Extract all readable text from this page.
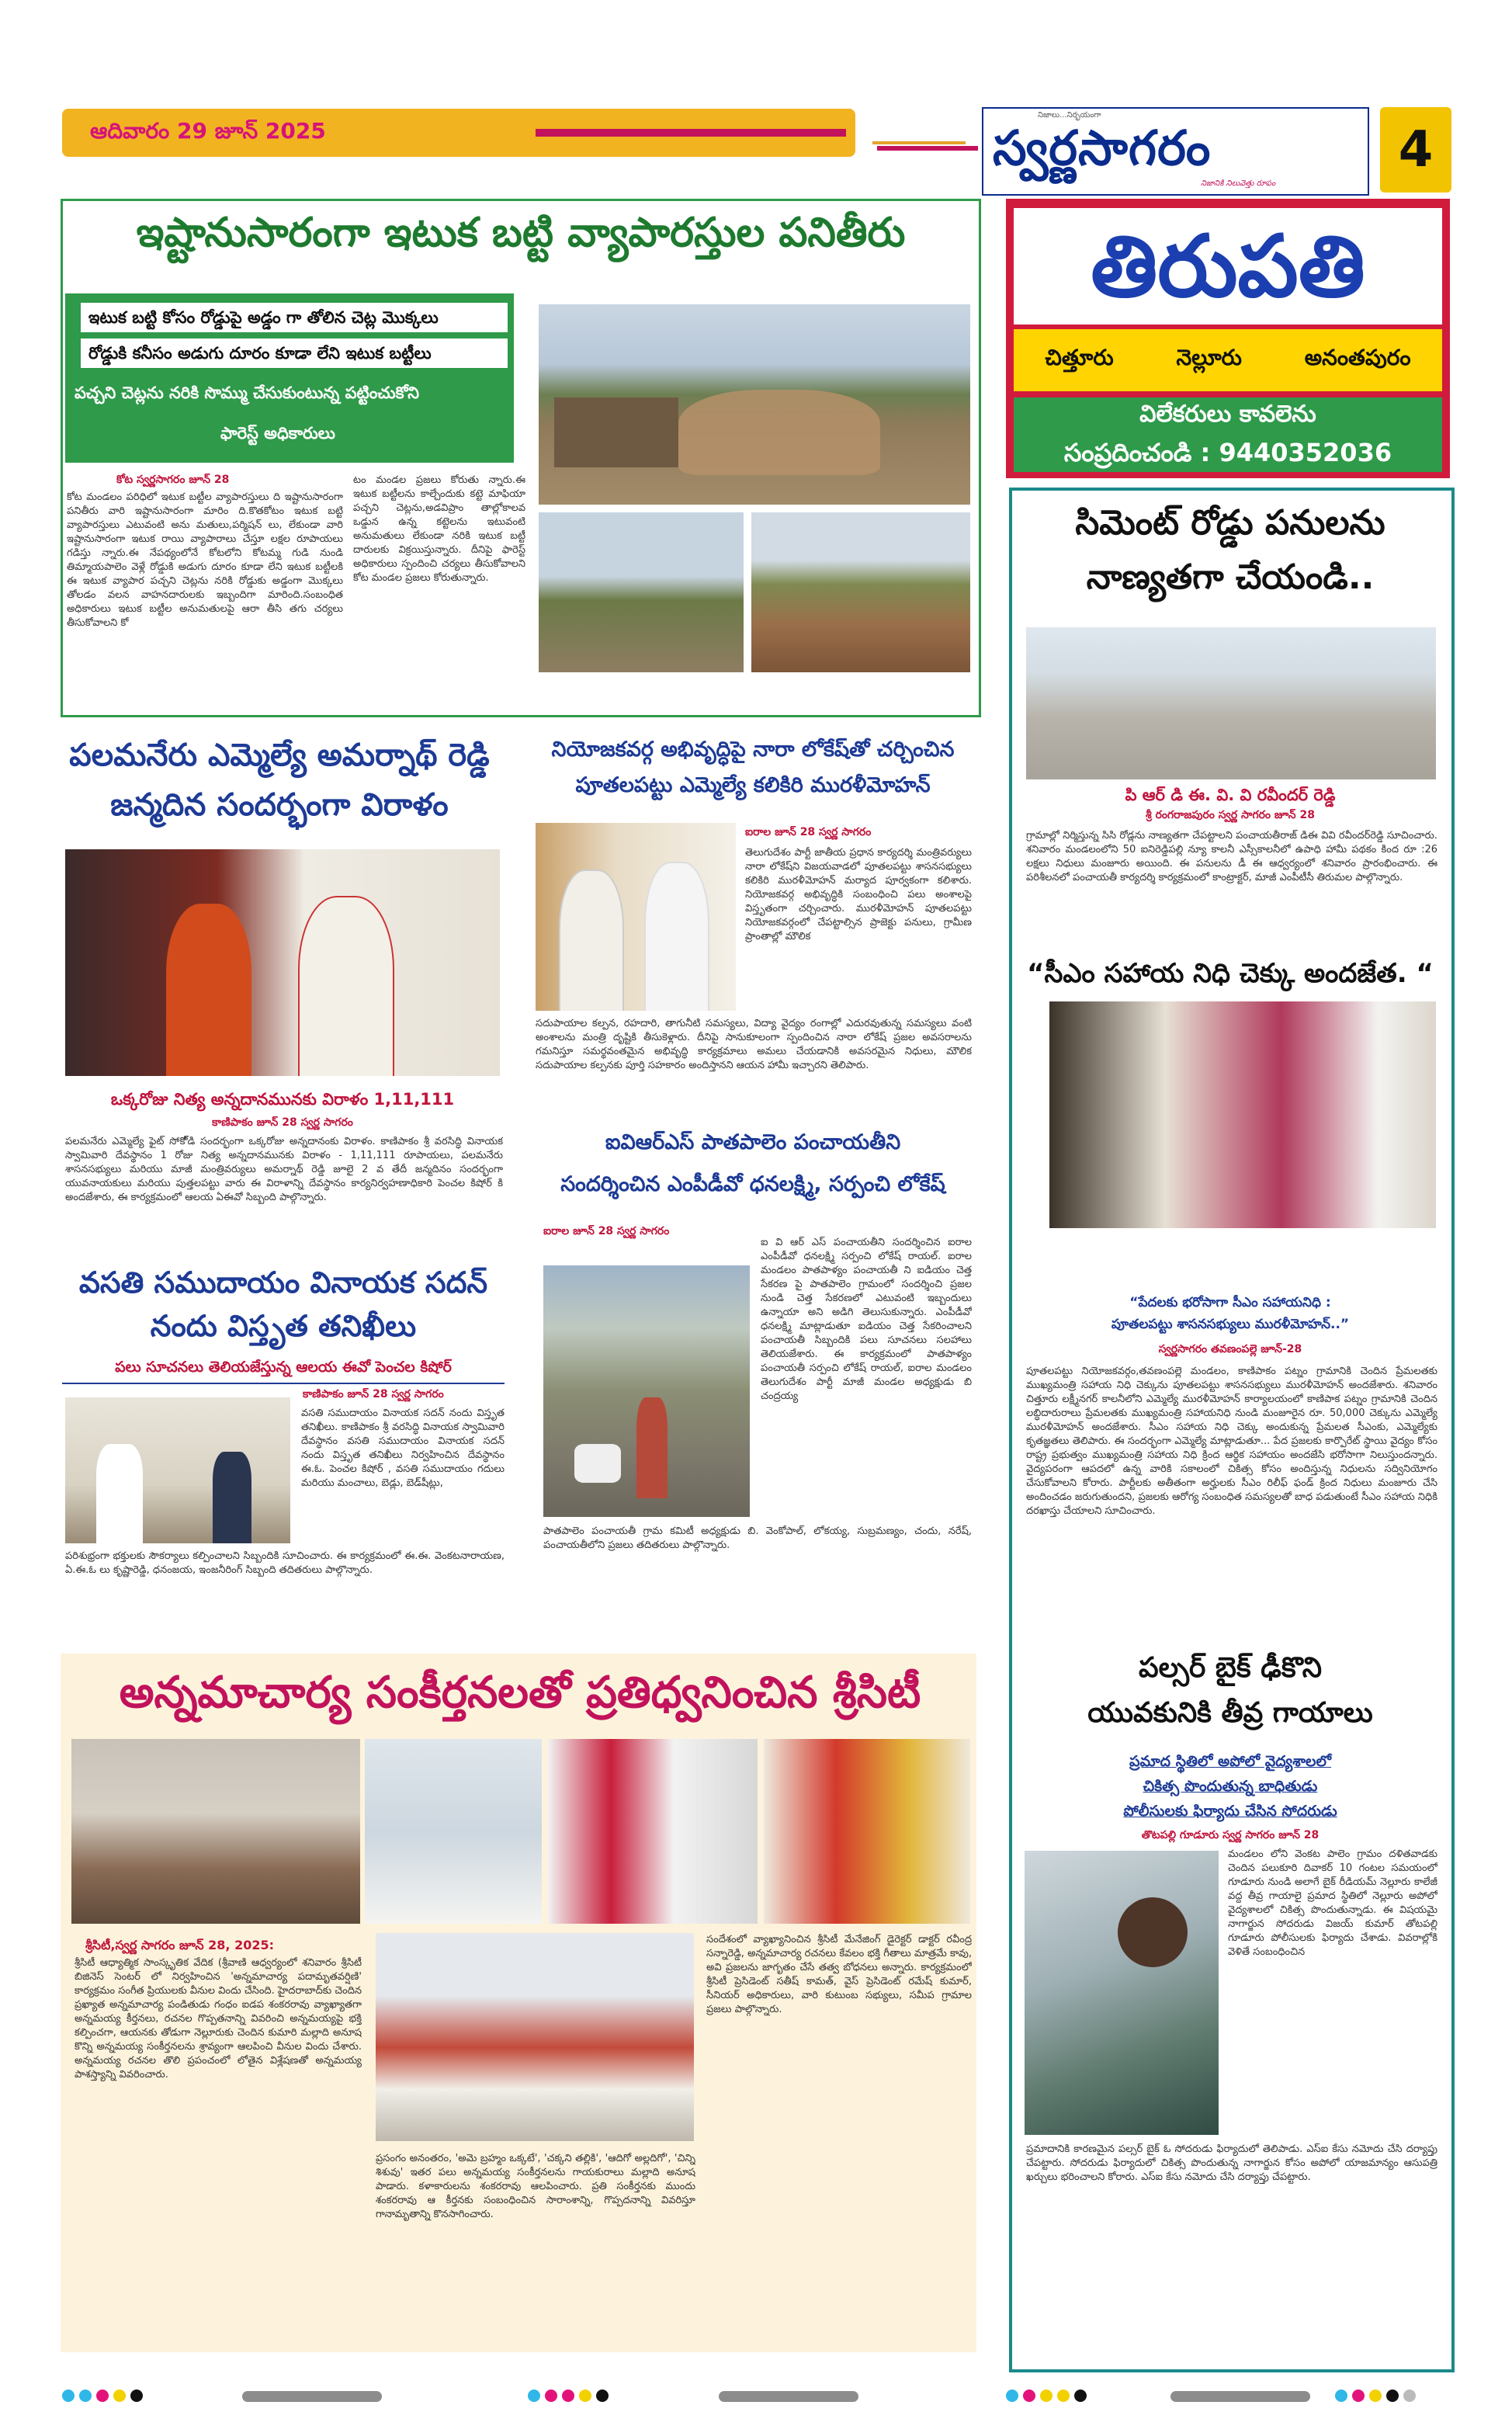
ఆదివారం 29 జూన్ 2025
నిజాలు...నిర్భయంగా
స్వర్ణసాగరం
నిజానికి నిలువెత్తు రూపం
4
ఇష్టానుసారంగా ఇటుక బట్టి వ్యాపారస్తుల పనితీరు
ఇటుక బట్టి కోసం రోడ్డుపై అడ్డం గా తోలిన చెట్ల మొక్కలు
రోడ్డుకి కనీసం అడుగు దూరం కూడా లేని ఇటుక బట్టీలు
పచ్చని చెట్లను నరికి సొమ్ము చేసుకుంటున్న పట్టించుకోని
ఫారెస్ట్ అధికారులు
కోట స్వర్ణసాగరం జూన్ 28
కోట మండలం పరిధిలో ఇటుక బట్టీల వ్యాపారస్తులు ది ఇష్టానుసారంగా పనితీరు వారి ఇష్టానుసారంగా మారిం ది.కొతకోటం ఇటుక బట్టి వ్యాపారస్తులు ఎటువంటి అను మతులు,పర్మిషన్ లు, లేకుండా వారి ఇష్టానుసారంగా ఇటుక రాయి వ్యాపారాలు చేస్తూ లక్షల రూపాయలు గడిస్తు న్నారు.ఈ నేపథ్యంలోనే కోటలోని కోటమ్మ గుడి నుండి తిమ్మాయపాలెం వెళ్లే రోడ్డుకి అడుగు దూరం కూడా లేని ఇటుక బట్టీలకి ఈ ఇటుక వ్యాపార పచ్చని చెట్లను నరికి రోడ్డుకు అడ్డంగా మొక్కలు తోలడం వలన వాహనదారులకు ఇబ్బందిగా మారింది.సంబంధిత అధికారులు ఇటుక బట్టీల అనుమతులపై ఆరా తీసి తగు చర్యలు తీసుకోవాలని కో
టం మండల ప్రజలు కోరుతు న్నారు.ఈ ఇటుక బట్టీలను కాల్చేందుకు కట్టె మాఫియా పచ్చని చెట్లను,అడవిప్రాం తాల్లోకాలవ ఒడ్డున ఉన్న కట్టెలను ఇటువంటి అనుమతులు లేకుండా నరికి ఇటుక బట్టీ దారులకు విక్రయిస్తున్నారు. దీనిపై ఫారెస్ట్ అధికారులు స్పందించి చర్యలు తీసుకోవాలని కోట మండల ప్రజలు కోరుతున్నారు.
తిరుపతి
చిత్తూరు	నెల్లూరు	అనంతపురం
విలేకరులు కావలెను
సంప్రదించండి : 9440352036
పలమనేరు ఎమ్మెల్యే అమర్నాథ్ రెడ్డి
జన్మదిన సందర్భంగా విరాళం
ఒక్కరోజు నిత్య అన్నదానమునకు విరాళం 1,11,111
కాణిపాకం జూన్ 28 స్వర్ణ సాగరం
పలమనేరు ఎమ్మెల్యే ఫైట్ సోకో్డి సందర్భంగా ఒక్కరోజు అన్నదానంకు విరాళం. కాణిపాకం శ్రీ వరసిద్ధి వినాయక స్వామివారి దేవస్థానం 1 రోజు నిత్య అన్నదానమునకు విరాళం - 1,11,111 రూపాయలు, పలమనేరు శాసనసభ్యులు మరియు మాజీ మంత్రివర్యులు అమర్నాథ్ రెడ్డి జూలై 2 వ తేదీ జన్మదినం సందర్భంగా యువనాయకులు మరియు పుత్తలపట్టు వారు ఈ విరాళాన్ని దేవస్థానం కార్యనిర్వహణాధికారి పెంచల కిషోర్ కి అందజేశారు, ఈ కార్యక్రమంలో ఆలయ ఏఈవో సిబ్బంది పాల్గొన్నారు.
వసతి సముదాయం వినాయక సదన్
నందు విస్తృత తనిఖీలు
పలు సూచనలు తెలియజేస్తున్న ఆలయ ఈవో పెంచల కిషోర్
కాణిపాకం జూన్ 28 స్వర్ణ సాగరం
వసతి సముదాయం వినాయక సదన్ నందు విస్తృత తనిఖీలు. కాణిపాకం శ్రీ వరసిద్ధి వినాయక స్వామివారి దేవస్థానం వసతి సముదాయం వినాయక సదన్ నందు విస్తృత తనిఖీలు నిర్వహించిన దేవస్థానం ఈ.ఓ. పెంచల కిషోర్ , వసతి సముదాయం గదులు మరియు మంచాలు, బెడ్లు, బెడ్‌షీట్లు,
పరిశుభ్రంగా భక్తులకు సౌకర్యాలు కల్పించాలని సిబ్బందికి సూచించారు. ఈ కార్యక్రమంలో ఈ.ఈ. వెంకటనారాయణ, ఏ.ఈ.ఓ లు కృష్ణారెడ్డి, ధనంజయ, ఇంజనీరింగ్ సిబ్బంది తదితరులు పాల్గొన్నారు.
నియోజకవర్గ అభివృద్ధిపై నారా లోకేష్‌తో చర్చించిన
పూతలపట్టు ఎమ్మెల్యే కలికిరి మురళీమోహన్
ఐరాల జూన్ 28 స్వర్ణ సాగరం
తెలుగుదేశం పార్టీ జాతీయ ప్రధాన కార్యదర్శి మంత్రివర్యులు నారా లోకేష్‌ని విజయవాడలో పూతలపట్టు శాసనసభ్యులు కలికిరి మురళీమోహన్ మర్యాద పూర్వకంగా కలిశారు. నియోజకవర్గ అభివృద్ధికి సంబంధించి పలు అంశాలపై విస్తృతంగా చర్చించారు. మురళీమోహన్ పూతలపట్టు నియోజకవర్గంలో చేపట్టాల్సిన ప్రాజెక్టు పనులు, గ్రామీణ ప్రాంతాల్లో మౌలిక
సదుపాయాల కల్పన, రహదారి, తాగునీటి సమస్యలు, విద్యా వైద్యం రంగాల్లో ఎదురవుతున్న సమస్యలు వంటి అంశాలను మంత్రి దృష్టికి తీసుకెళ్లారు. దీనిపై సానుకూలంగా స్పందించిన నారా లోకేష్ ప్రజల అవసరాలను గమనిస్తూ సమర్థవంతమైన అభివృద్ధి కార్యక్రమాలు అమలు చేయడానికి అవసరమైన నిధులు, మౌలిక సదుపాయాల కల్పనకు పూర్తి సహకారం అందిస్తానని ఆయన హామీ ఇచ్చారని తెలిపారు.
ఐవిఆర్ఎస్ పాతపాలెం పంచాయతీని
సందర్శించిన ఎంపీడీవో ధనలక్ష్మి, సర్పంచి లోకేష్
ఐరాల జూన్ 28 స్వర్ణ సాగరం
ఐ వి ఆర్ ఎస్ పంచాయతీని సందర్శించిన ఐరాల ఎంపీడీవో ధనలక్ష్మి సర్పంచి లోకేష్ రాయల్. ఐరాల మండలం పాతపాళ్యం పంచాయతీ ని ఐడియం చెత్త సేకరణ పై పాతపాలెం గ్రామంలో సందర్శించి ప్రజల నుండి చెత్త సేకరణలో ఎటువంటి ఇబ్బందులు ఉన్నాయా అని అడిగి తెలుసుకున్నారు. ఎంపీడీవో ధనలక్ష్మి మాట్లాడుతూ ఐడియం చెత్త సేకరించాలని పంచాయతీ సిబ్బందికి పలు సూచనలు సలహాలు తెలియజేశారు. ఈ కార్యక్రమంలో పాతపాళ్యం పంచాయతీ సర్పంచి లోకేష్ రాయల్, ఐరాల మండలం తెలుగుదేశం పార్టీ మాజీ మండల అధ్యక్షుడు బి చంద్రయ్య
పాతపాలెం పంచాయతీ గ్రామ కమిటీ అధ్యక్షుడు బి. వెంకోపాల్, లోకయ్య, సుబ్రమణ్యం, చందు, నరేష్, పంచాయతీలోని ప్రజలు తదితరులు పాల్గొన్నారు.
అన్నమాచార్య సంకీర్తనలతో ప్రతిధ్వనించిన శ్రీసిటీ
శ్రీసిటీ,స్వర్ణ సాగరం జూన్ 28, 2025:
శ్రీసిటీ ఆధ్యాత్మిక సాంస్కృతిక వేదిక (శ్రీవాణి ఆధ్వర్యంలో శనివారం శ్రీసిటీ బిజినెస్ సెంటర్ లో నిర్వహించిన 'అన్నమాచార్య పదామృతవర్షిణి' కార్యక్రమం సంగీత ప్రియులకు వీనుల విందు చేసింది. హైదరాబాద్‌కు చెందిన ప్రఖ్యాత అన్నమాచార్య పండితుడు గంధం ఐడప శంకరరావు వ్యాఖ్యాతగా అన్నమయ్య కీర్తనలు, రచనల గొప్పతనాన్ని వివరించి అన్నమయ్యపై భక్తి కల్పించగా, ఆయనకు తోడుగా నెల్లూరుకు చెందిన కుమారి మల్లాది అనూష కొన్ని అన్నమయ్య సంకీర్తనలను శ్రావ్యంగా ఆలపించి వీనుల విందు చేశారు. అన్నమయ్య రచనల తొలి ప్రపంచంలో లోతైన విశ్లేషణతో అన్నమయ్య పాశస్త్యాన్ని వివరించారు.
ప్రసంగం అనంతరం, 'అమె బ్రహ్మం ఒక్కటే', 'చక్కని తల్లికి', 'ఆదిగో అల్లదిగో', 'చిన్ని శిశువు' ఇతర పలు అన్నమయ్య సంకీర్తనలను గాయకురాలు మల్లాది అనూష పాడారు. కళాకారులను శంకరరావు ఆలపించారు. ప్రతి సంకీర్తనకు ముందు శంకరరావు ఆ కీర్తనకు సంబంధించిన సారాంశాన్ని, గొప్పదనాన్ని వివరిస్తూ గానామృతాన్ని కొనసాగించారు.
సందేశంలో వ్యాఖ్యానించిన శ్రీసిటీ మేనేజింగ్ డైరెక్టర్ డాక్టర్ రవీంద్ర సన్నారెడ్డి, అన్నమాచార్య రచనలు కేవలం భక్తి గీతాలు మాత్రమే కావు, అవి ప్రజలను జాగృతం చేసే తత్వ బోధనలు అన్నారు. కార్యక్రమంలో శ్రీసిటీ ప్రెసిడెంట్ సతీష్ కామత్, వైస్ ప్రెసిడెంట్ రమేష్ కుమార్, సీనియర్ అధికారులు, వారి కుటుంబ సభ్యులు, సమీప గ్రామాల ప్రజలు పాల్గొన్నారు.
సిమెంట్ రోడ్డు పనులను
నాణ్యతగా చేయండి..
పి ఆర్ డి ఈ. వి. వి రవీందర్ రెడ్డి
శ్రీ రంగరాజపురం స్వర్ణ సాగరం జూన్ 28
గ్రామాల్లో నిర్మిస్తున్న సిసి రోడ్లను నాణ్యతగా చేపట్టాలని పంచాయతీరాజ్ డిఈ వివి రవీందర్‌రెడ్డి సూచించారు. శనివారం మండలంలోని 50 ఐనిరెడ్డిపల్లి న్యూ కాలనీ ఎస్సీకాలనీలో ఉపాధి హామీ పథకం కింద రూ :26 లక్షలు నిధులు మంజూరు అయింది. ఈ పనులను డీ ఈ ఆధ్వర్యంలో శనివారం ప్రారంభించారు. ఈ పరిశీలనలో పంచాయతీ కార్యదర్శి కార్యక్రమంలో కాంట్రాక్టర్, మాజీ ఎంపీటీసీ తిరుమల పాల్గొన్నారు.
“సీఎం సహాయ నిధి చెక్కు అందజేత. “
“పేదలకు భరోసాగా సీఎం సహాయనిధి :
పూతలపట్టు శాసనసభ్యులు మురళీమోహన్..”
స్వర్ణసాగరం తవణంపల్లె జూన్-28
పూతలపట్టు నియోజకవర్గం,తవణంపల్లె మండలం, కాణిపాకం పట్నం గ్రామానికి చెందిన ప్రేమలతకు ముఖ్యమంత్రి సహాయ నిధి చెక్కును పూతలపట్టు శాసనసభ్యులు మురళీమోహన్ అందజేశారు. శనివారం చిత్తూరు లక్ష్మీనగర్ కాలనీలోని ఎమ్మెల్యే మురళీమోహన్ కార్యాలయంలో కాణిపాక పట్నం గ్రామానికి చెందిన లబ్ధిదారురాలు ప్రేమలతకు ముఖ్యమంత్రి సహాయనిధి నుండి మంజూరైన రూ. 50,000 చెక్కును ఎమ్మెల్యే మురళీమోహన్ అందజేశారు. సీఎం సహాయ నిధి చెక్కు అందుకున్న ప్రేమలత సీఎంకు, ఎమ్మెల్యేకు కృతజ్ఞతలు తెలిపారు. ఈ సందర్భంగా ఎమ్మెల్యే మాట్లాడుతూ... పేద ప్రజలకు కార్పొరేట్ స్థాయి వైద్యం కోసం రాష్ట్ర ప్రభుత్వం ముఖ్యమంత్రి సహాయ నిధి క్రింద ఆర్థిక సహాయం అందజేసి భరోసాగా నిలుస్తుందన్నారు. వైద్యపరంగా ఆపదలో ఉన్న వారికి సకాలంలో చికిత్స కోసం అందిస్తున్న నిధులను సద్వినియోగం చేసుకోవాలని కోరారు. పార్టీలకు అతీతంగా అర్హులకు సీఎం రిలీఫ్ ఫండ్ క్రింద నిధులు మంజూరు చేసి అందించడం జరుగుతుందని, ప్రజలకు ఆరోగ్య సంబంధిత సమస్యలతో బాధ పడుతుంటే సీఎం సహాయ నిధికి దరఖాస్తు చేయాలని సూచించారు.
పల్సర్ బైక్ ఢీకొని
యువకునికి తీవ్ర గాయాలు
ప్రమాద స్థితిలో అపోలో వైద్యశాలలో
చికిత్స పొందుతున్న బాధితుడు
పోలీసులకు ఫిర్యాదు చేసిన సోదరుడు
తొటపల్లి గూడూరు స్వర్ణ సాగరం జూన్ 28
మండలం లోని వెంకట పాలెం గ్రామం దళితవాడకు చెందిన పలుకూరి దివాకర్ 10 గంటల సమయంలో గూడూరు నుండి అలాగే బైక్ రీడియమ్ నెల్లూరు కాలేజీ వద్ద తీవ్ర గాయాలై ప్రమాద స్థితిలో నెల్లూరు అపోలో వైద్యశాలలో చికిత్స పొందుతున్నాడు. ఈ విషయమై నాగార్జున సోదరుడు విజయ్ కుమార్ తోటపల్లి గూడూరు పోలీసులకు ఫిర్యాదు చేశాడు. వివరాల్లోకి వెళితే సంబంధించిన
ప్రమాదానికి కారణమైన పల్సర్ బైక్ ఓ సోదరుడు ఫిర్యాదులో తెలిపాడు. ఎస్ఐ కేసు నమోదు చేసి దర్యాప్తు చేపట్టారు. సోదరుడు ఫిర్యాదులో చికిత్స పొందుతున్న నాగార్జున కోసం అపోలో యాజమాన్యం ఆసుపత్రి ఖర్చులు భరించాలని కోరారు. ఎస్ఐ కేసు నమోదు చేసి దర్యాప్తు చేపట్టారు.
